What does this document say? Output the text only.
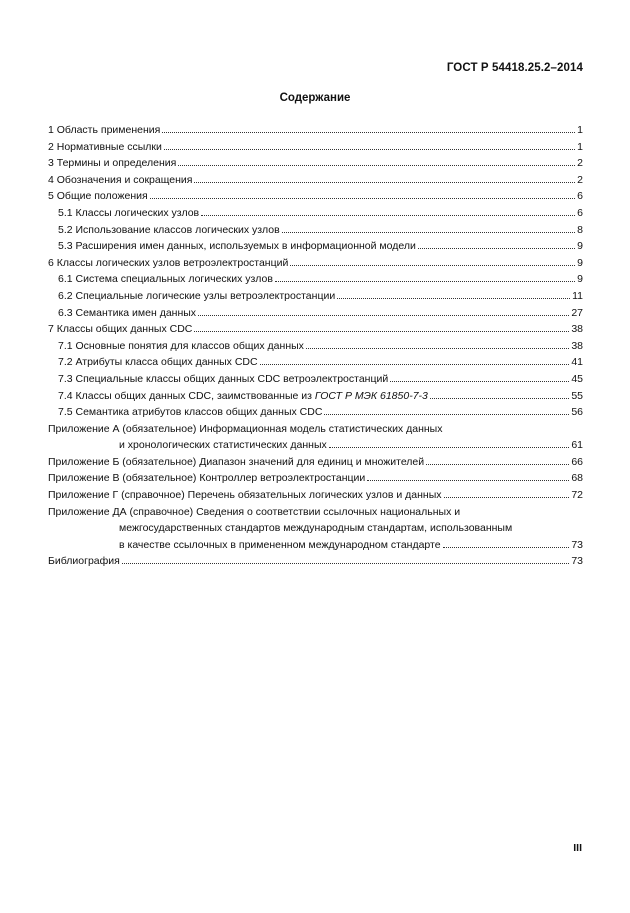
ГОСТ Р 54418.25.2–2014
Содержание
1 Область применения	1
2 Нормативные ссылки	1
3 Термины и определения	2
4 Обозначения и сокращения	2
5 Общие положения	6
5.1 Классы логических узлов	6
5.2 Использование классов логических узлов	8
5.3 Расширения имен данных, используемых в информационной модели	9
6 Классы логических узлов ветроэлектростанций	9
6.1 Система специальных логических узлов	9
6.2 Специальные логические узлы ветроэлектростанции	11
6.3 Семантика имен данных	27
7 Классы общих данных CDC	38
7.1 Основные понятия для классов общих данных	38
7.2 Атрибуты класса общих данных CDC	41
7.3 Специальные классы общих данных CDC ветроэлектростанций	45
7.4 Классы общих данных CDC, заимствованные из ГОСТ Р МЭК 61850-7-3	55
7.5 Семантика атрибутов классов общих данных CDC	56
Приложение А (обязательное) Информационная модель статистических данных
и хронологических статистических данных	61
Приложение Б (обязательное) Диапазон значений для единиц и множителей	66
Приложение В (обязательное) Контроллер ветроэлектростанции	68
Приложение Г (справочное) Перечень обязательных логических узлов и данных	72
Приложение ДА (справочное) Сведения о соответствии ссылочных национальных и
межгосударственных стандартов международным стандартам, использованным
в качестве ссылочных в примененном международном стандарте	73
Библиография	73
III
